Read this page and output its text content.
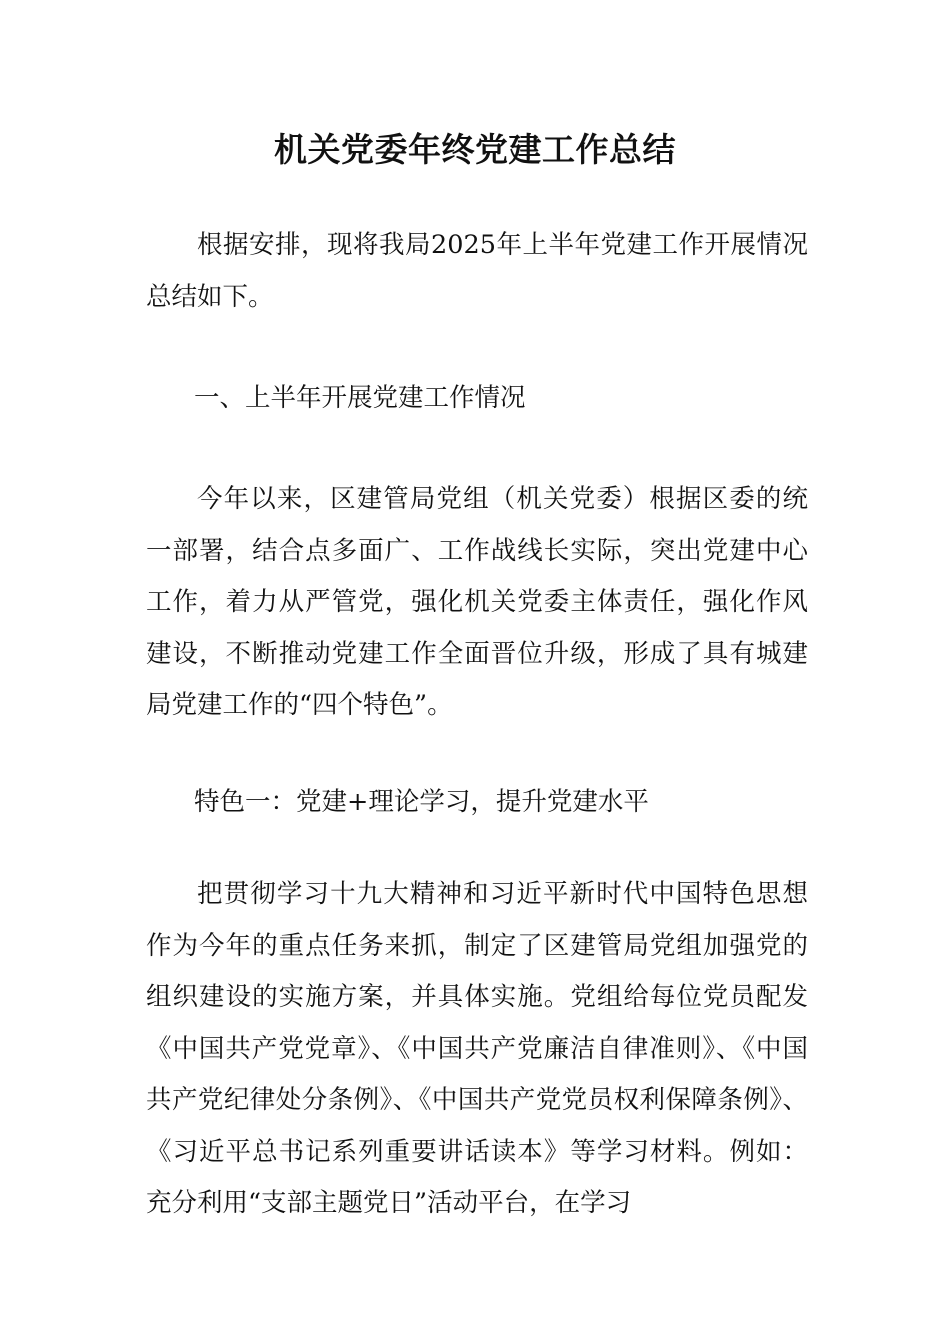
机关党委年终党建工作总结

根据安排，现将我局2025年上半年党建工作开展情况总结如下。

一、上半年开展党建工作情况

今年以来，区建管局党组（机关党委）根据区委的统一部署，结合点多面广、工作战线长实际，突出党建中心工作，着力从严管党，强化机关党委主体责任，强化作风建设，不断推动党建工作全面晋位升级，形成了具有城建局党建工作的“四个特色”。

特色一：党建+理论学习，提升党建水平

把贯彻学习十九大精神和习近平新时代中国特色思想作为今年的重点任务来抓，制定了区建管局党组加强党的组织建设的实施方案，并具体实施。党组给每位党员配发《中国共产党党章》、《中国共产党廉洁自律准则》、《中国共产党纪律处分条例》、《中国共产党党员权利保障条例》、《习近平总书记系列重要讲话读本》等学习材料。例如：充分利用“支部主题党日”活动平台，在学习
